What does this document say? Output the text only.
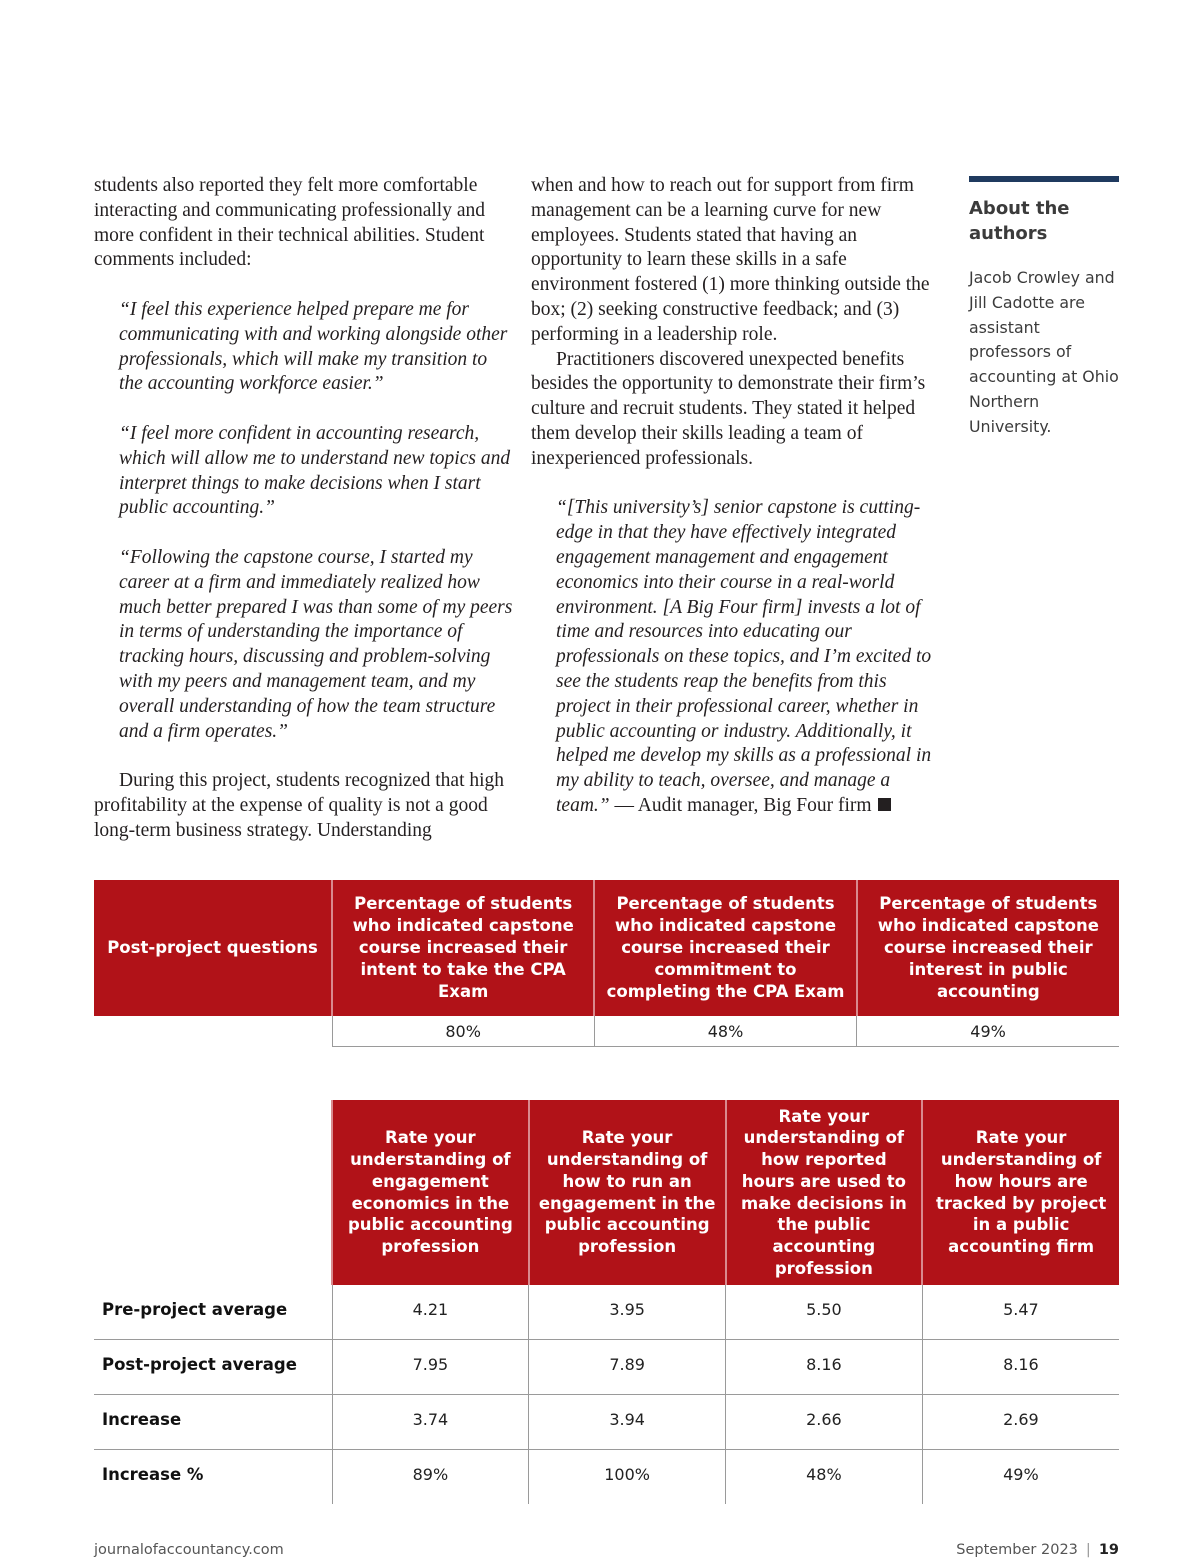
students also reported they felt more comfortable interacting and communicating professionally and more confident in their technical abilities. Student comments included:

“I feel this experience helped prepare me for communicating with and working alongside other professionals, which will make my transition to the accounting workforce easier.”

“I feel more confident in accounting research, which will allow me to understand new topics and interpret things to make decisions when I start public accounting.”

“Following the capstone course, I started my career at a firm and immediately realized how much better prepared I was than some of my peers in terms of understanding the importance of tracking hours, discussing and problem-solving with my peers and management team, and my overall understanding of how the team structure and a firm operates.”

During this project, students recognized that high profitability at the expense of quality is not a good long-term business strategy. Understanding

when and how to reach out for support from firm management can be a learning curve for new employees. Students stated that having an opportunity to learn these skills in a safe environment fostered (1) more thinking outside the box; (2) seeking constructive feedback; and (3) performing in a leadership role.

Practitioners discovered unexpected benefits besides the opportunity to demonstrate their firm’s culture and recruit students. They stated it helped them develop their skills leading a team of inexperienced professionals.

“[This university’s] senior capstone is cutting-edge in that they have effectively integrated engagement management and engagement economics into their course in a real-world environment. [A Big Four firm] invests a lot of time and resources into educating our professionals on these topics, and I’m excited to see the students reap the benefits from this project in their professional career, whether in public accounting or industry. Additionally, it helped me develop my skills as a professional in my ability to teach, oversee, and manage a team.” — Audit manager, Big Four firm

About the authors

Jacob Crowley and Jill Cadotte are assistant professors of accounting at Ohio Northern University.

Post-project questions	Percentage of students who indicated capstone course increased their intent to take the CPA Exam	Percentage of students who indicated capstone course increased their commitment to completing the CPA Exam	Percentage of students who indicated capstone course increased their interest in public accounting
	80%	48%	49%
	Rate your understanding of engagement economics in the public accounting profession	Rate your understanding of how to run an engagement in the public accounting profession	Rate your understanding of how reported hours are used to make decisions in the public accounting profession	Rate your understanding of how hours are tracked by project in a public accounting firm
Pre-project average	4.21	3.95	5.50	5.47
Post-project average	7.95	7.89	8.16	8.16
Increase	3.74	3.94	2.66	2.69
Increase %	89%	100%	48%	49%
journalofaccountancy.com	September 2023 | 19
